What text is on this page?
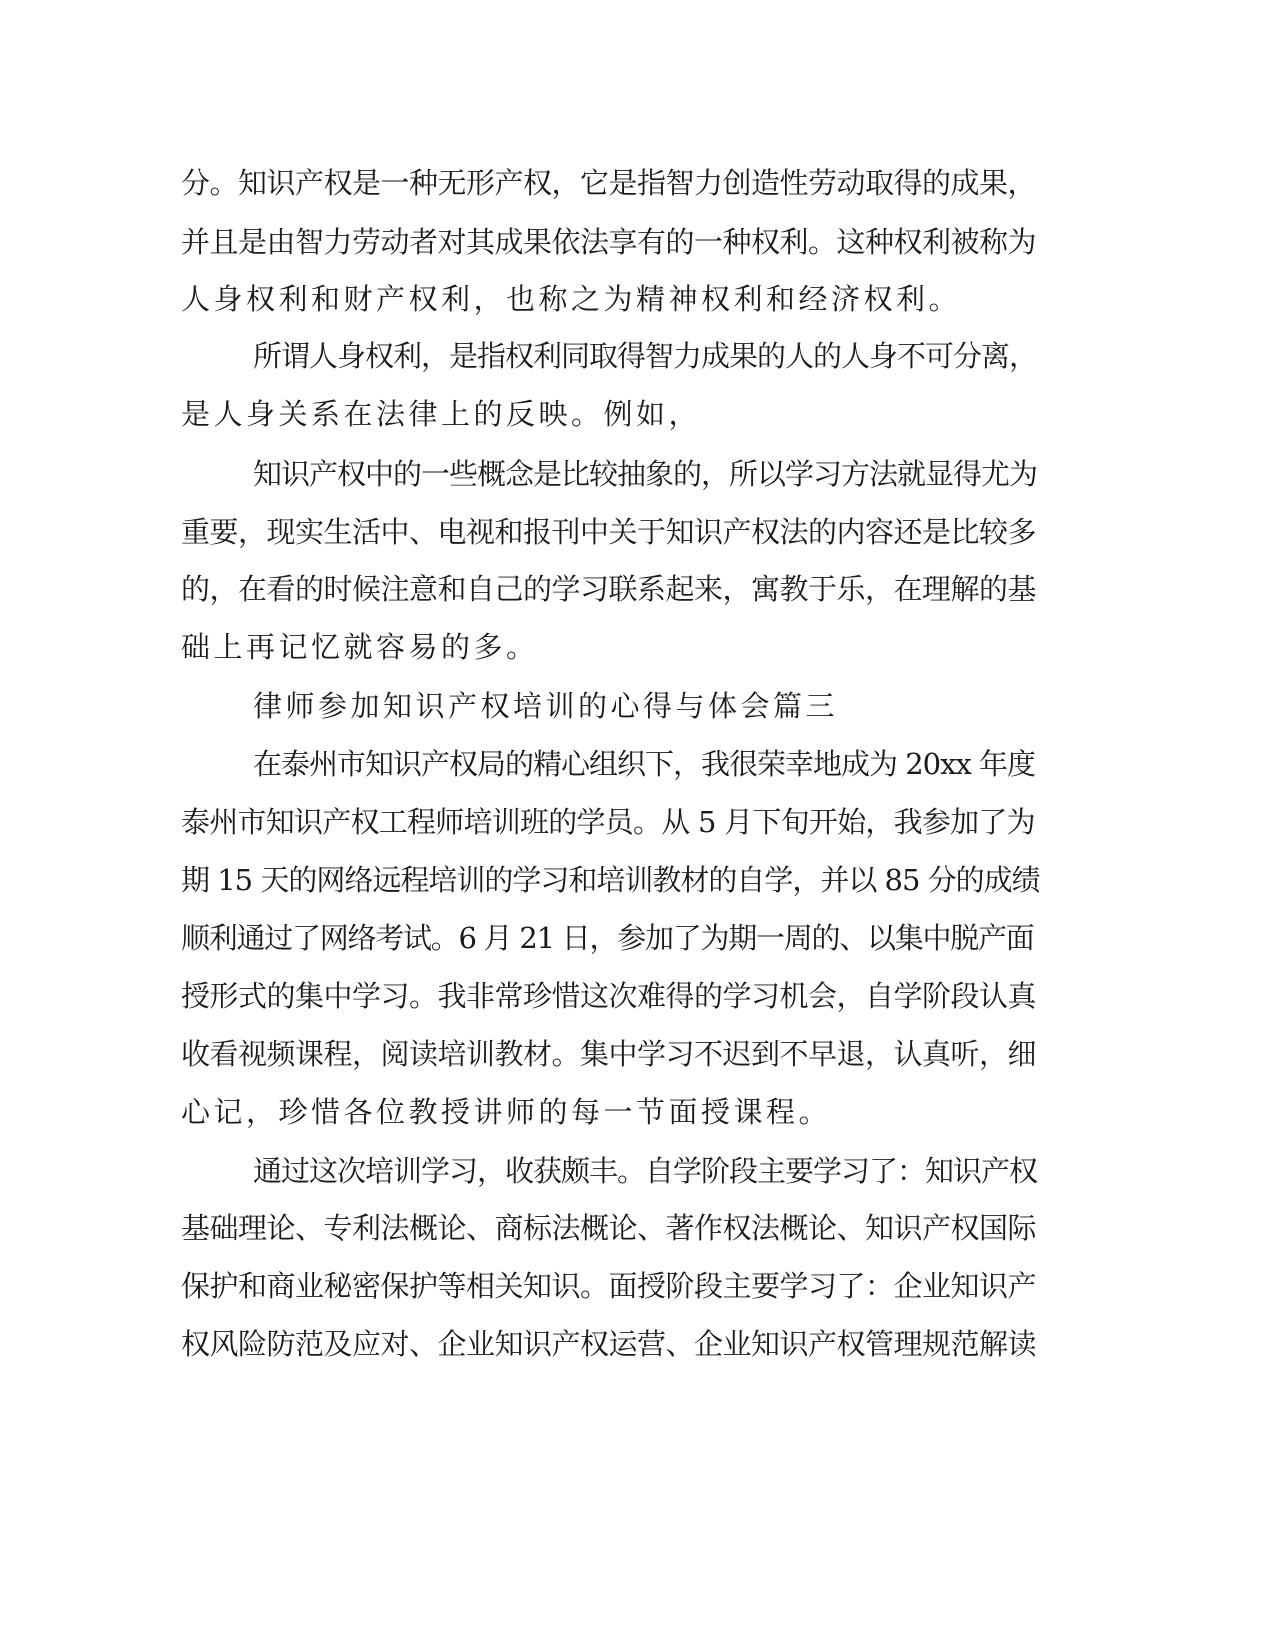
分。知识产权是一种无形产权，它是指智力创造性劳动取得的成果，
并且是由智力劳动者对其成果依法享有的一种权利。这种权利被称为
人身权利和财产权利，也称之为精神权利和经济权利。
所谓人身权利，是指权利同取得智力成果的人的人身不可分离，
是人身关系在法律上的反映。例如，
知识产权中的一些概念是比较抽象的，所以学习方法就显得尤为
重要，现实生活中、电视和报刊中关于知识产权法的内容还是比较多
的，在看的时候注意和自己的学习联系起来，寓教于乐，在理解的基
础上再记忆就容易的多。
律师参加知识产权培训的心得与体会篇三
在泰州市知识产权局的精心组织下，我很荣幸地成为 20xx 年度
泰州市知识产权工程师培训班的学员。从 5 月下旬开始，我参加了为
期 15 天的网络远程培训的学习和培训教材的自学，并以 85 分的成绩
顺利通过了网络考试。6 月 21 日，参加了为期一周的、以集中脱产面
授形式的集中学习。我非常珍惜这次难得的学习机会，自学阶段认真
收看视频课程，阅读培训教材。集中学习不迟到不早退，认真听，细
心记，珍惜各位教授讲师的每一节面授课程。
通过这次培训学习，收获颇丰。自学阶段主要学习了：知识产权
基础理论、专利法概论、商标法概论、著作权法概论、知识产权国际
保护和商业秘密保护等相关知识。面授阶段主要学习了：企业知识产
权风险防范及应对、企业知识产权运营、企业知识产权管理规范解读
